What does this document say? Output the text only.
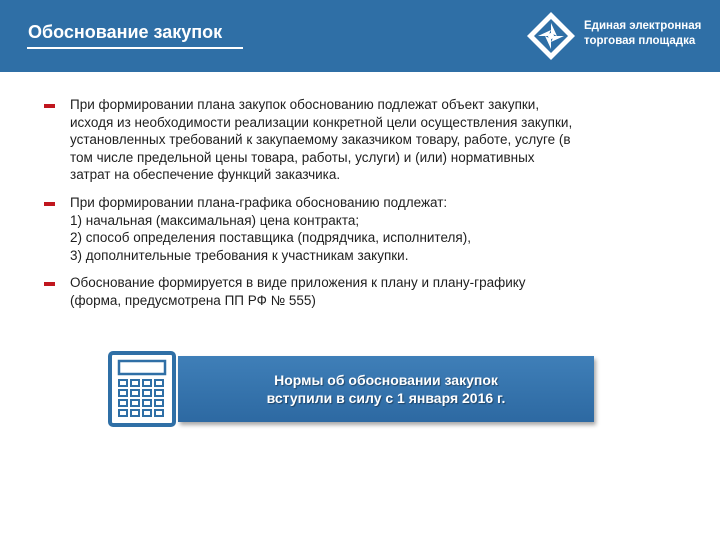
Обоснование закупок	Единая электронная
торговая площадка
При формировании плана закупок обоснованию подлежат объект закупки,
исходя из необходимости реализации конкретной цели осуществления закупки,
установленных требований к закупаемому заказчиком товару, работе, услуге (в
том числе предельной цены товара, работы, услуги) и (или) нормативных
затрат на обеспечение функций заказчика.
При формировании плана-графика обоснованию подлежат:
1) начальная (максимальная) цена контракта;
2) способ определения поставщика (подрядчика, исполнителя),
3) дополнительные требования к участникам закупки.
Обоснование формируется в виде приложения к плану и плану-графику
(форма, предусмотрена ПП РФ № 555)
Нормы об обосновании закупок
вступили в силу с 1 января 2016 г.
